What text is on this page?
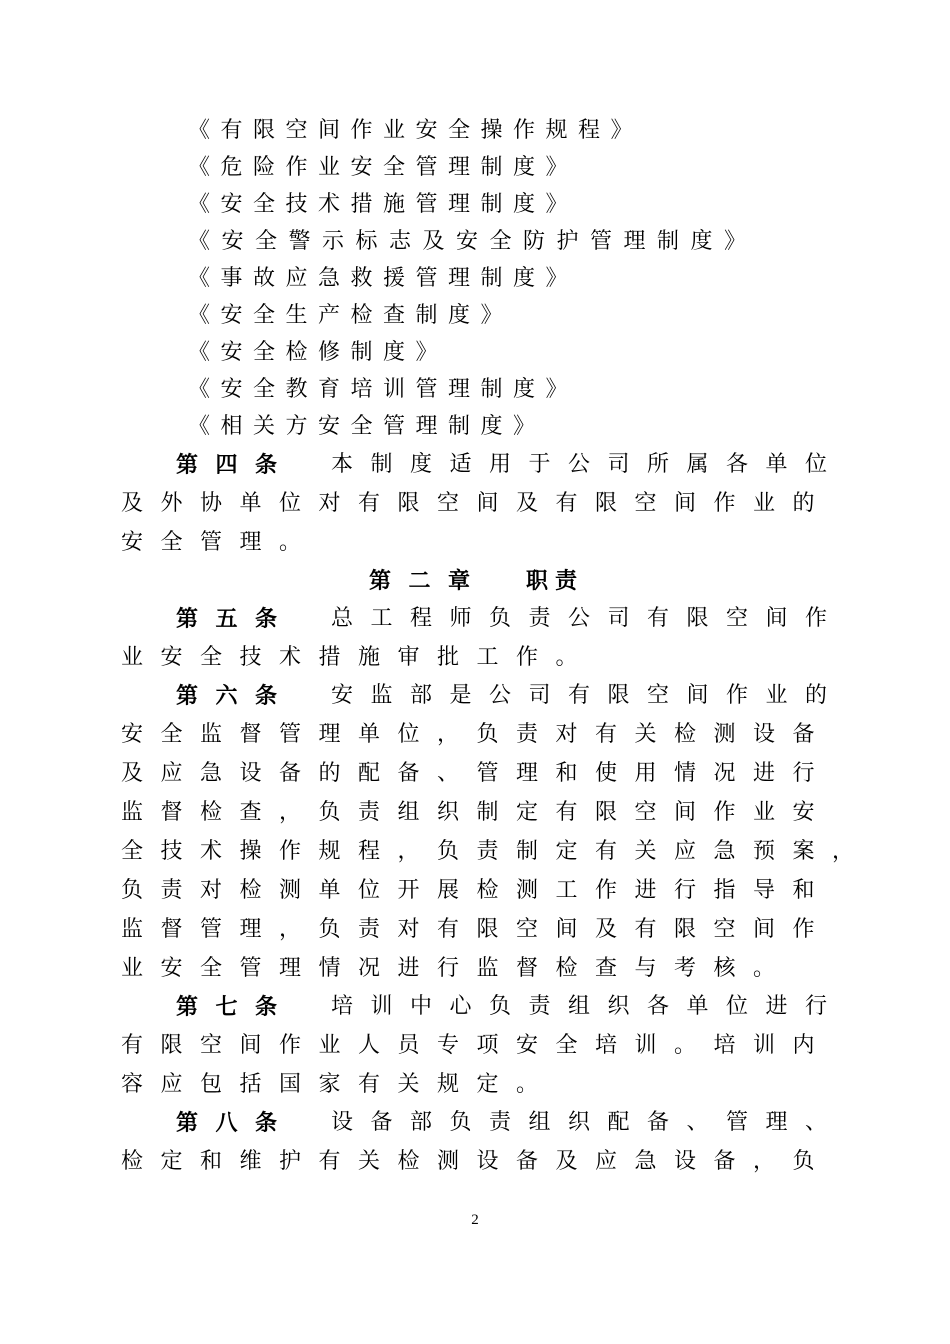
《 有 限 空 间 作 业 安 全 操 作 规 程 》
《 危 险 作 业 安 全 管 理 制 度 》
《 安 全 技 术 措 施 管 理 制 度 》
《 安 全 警 示 标 志 及 安 全 防 护 管 理 制 度 》
《 事 故 应 急 救 援 管 理 制 度 》
《 安 全 生 产 检 查 制 度 》
《 安 全 检 修 制 度 》
《 安 全 教 育 培 训 管 理 制 度 》
《 相 关 方 安 全 管 理 制 度 》
第 四 条 本 制 度 适 用 于 公 司 所 属 各 单 位
及 外 协 单 位 对 有 限 空 间 及 有 限 空 间 作 业 的
安 全 管 理 。
第 二 章	职 责
第 五 条 总 工 程 师 负 责 公 司 有 限 空 间 作
业 安 全 技 术 措 施 审 批 工 作 。
第 六 条 安 监 部 是 公 司 有 限 空 间 作 业 的
安 全 监 督 管 理 单 位 ， 负 责 对 有 关 检 测 设 备
及 应 急 设 备 的 配 备 、 管 理 和 使 用 情 况 进 行
监 督 检 查 ， 负 责 组 织 制 定 有 限 空 间 作 业 安
全 技 术 操 作 规 程 ， 负 责 制 定 有 关 应 急 预 案 ，
负 责 对 检 测 单 位 开 展 检 测 工 作 进 行 指 导 和
监 督 管 理 ， 负 责 对 有 限 空 间 及 有 限 空 间 作
业 安 全 管 理 情 况 进 行 监 督 检 查 与 考 核 。
第 七 条 培 训 中 心 负 责 组 织 各 单 位 进 行
有 限 空 间 作 业 人 员 专 项 安 全 培 训 。 培 训 内
容 应 包 括 国 家 有 关 规 定 。
第 八 条 设 备 部 负 责 组 织 配 备 、 管 理 、
检 定 和 维 护 有 关 检 测 设 备 及 应 急 设 备 ， 负
2
